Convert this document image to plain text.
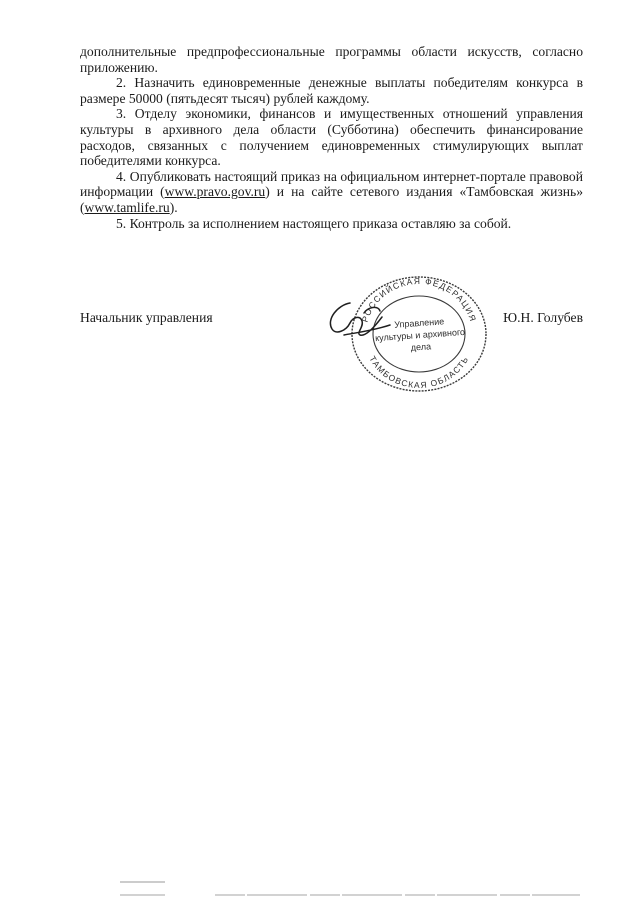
дополнительные предпрофессиональные программы области искусств, согласно приложению.

2. Назначить единовременные денежные выплаты победителям конкурса в размере 50000 (пятьдесят тысяч) рублей каждому.

3. Отделу экономики, финансов и имущественных отношений управления культуры в архивного дела области (Субботина) обеспечить финансирование расходов, связанных с получением единовременных стимулирующих выплат победителями конкурса.

4. Опубликовать настоящий приказ на официальном интернет-портале правовой информации (www.pravo.gov.ru) и на сайте сетевого издания «Тамбовская жизнь» (www.tamlife.ru).

5. Контроль за исполнением настоящего приказа оставляю за собой.

Начальник управления	РОССИЙСКАЯ ФЕДЕРАЦИЯ
ТАМБОВСКАЯ ОБЛАСТЬ
Управление
культуры и архивного
дела
Ю.Н. Голубев
